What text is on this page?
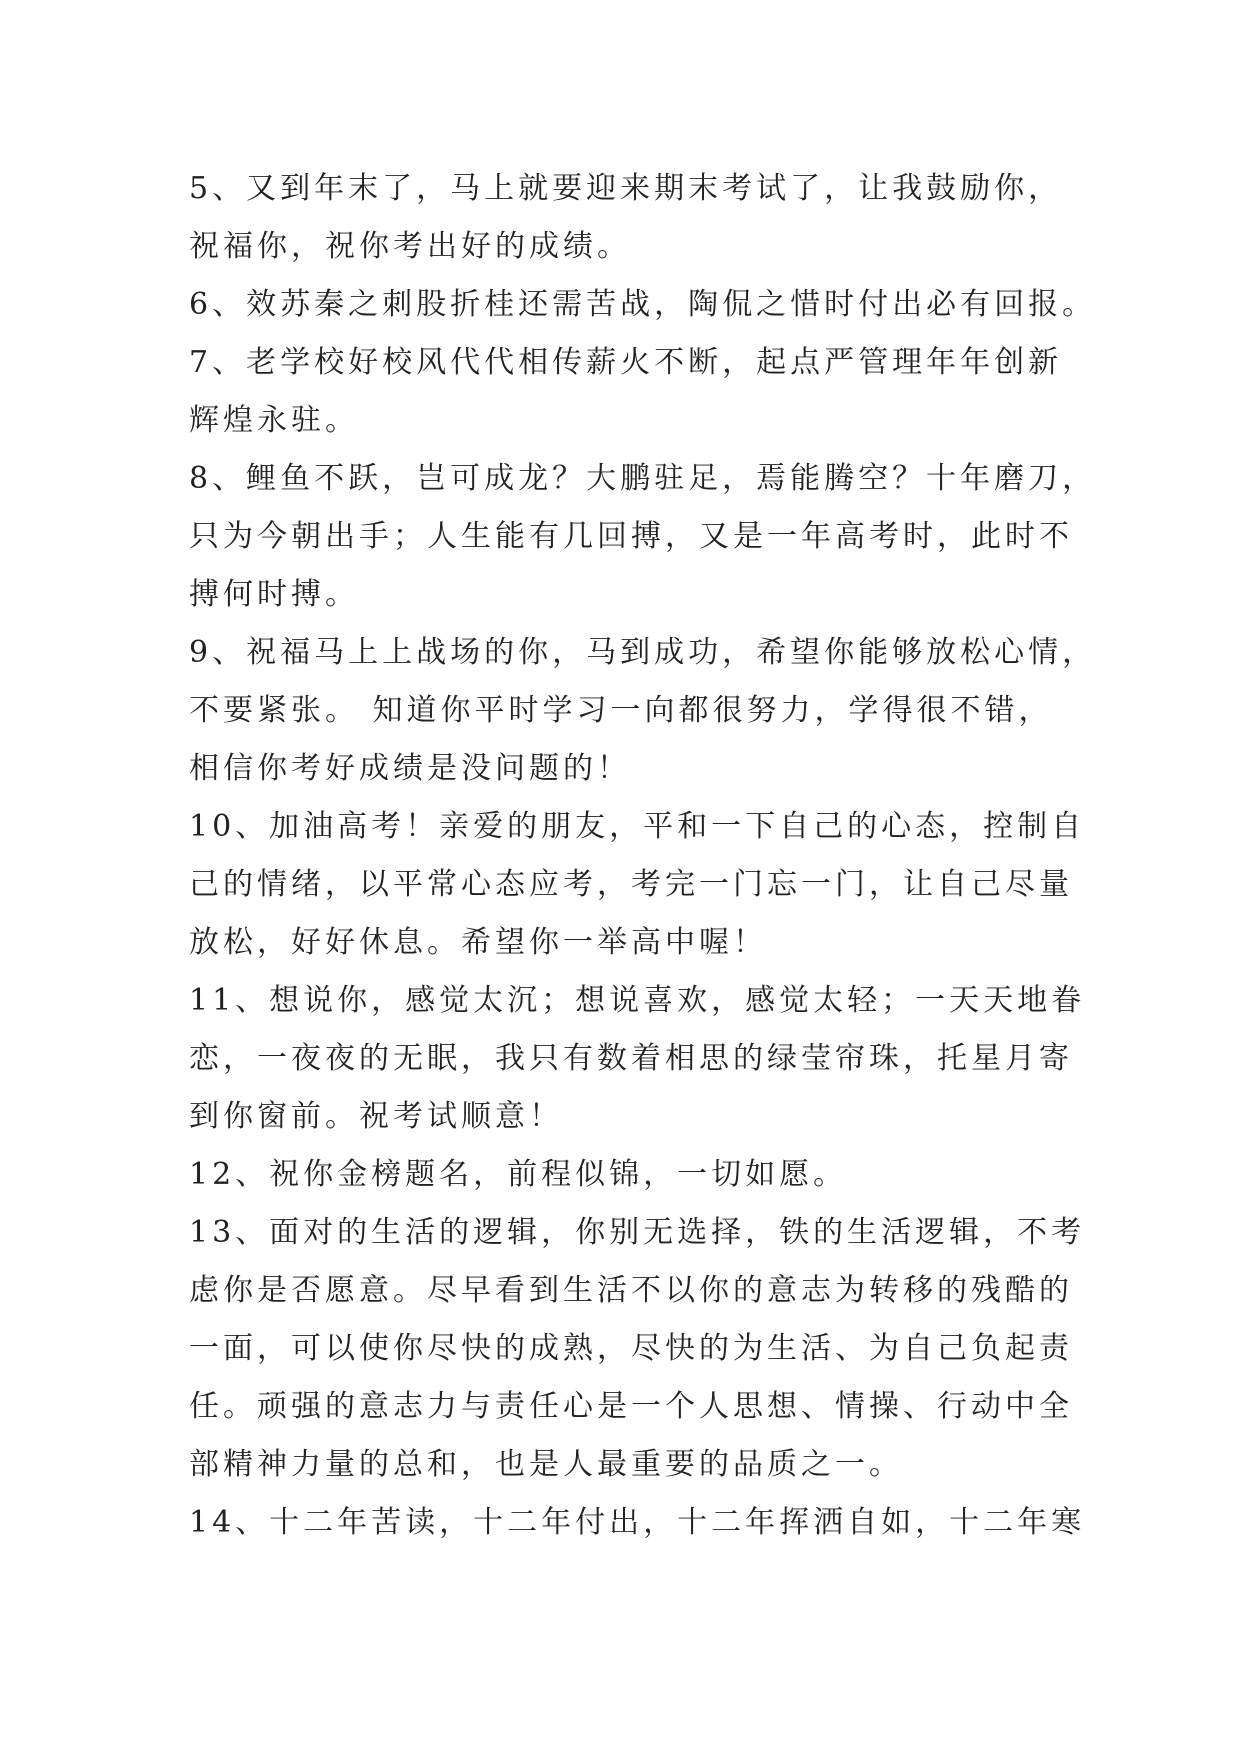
5、又到年末了，马上就要迎来期末考试了，让我鼓励你，
祝福你，祝你考出好的成绩。
6、效苏秦之刺股折桂还需苦战，陶侃之惜时付出必有回报。
7、老学校好校风代代相传薪火不断，起点严管理年年创新
辉煌永驻。
8、鲤鱼不跃，岂可成龙？大鹏驻足，焉能腾空？十年磨刀，
只为今朝出手；人生能有几回搏，又是一年高考时，此时不
搏何时搏。
9、祝福马上上战场的你，马到成功，希望你能够放松心情，
不要紧张。 知道你平时学习一向都很努力，学得很不错，
相信你考好成绩是没问题的！
10、加油高考！亲爱的朋友，平和一下自己的心态，控制自
己的情绪，以平常心态应考，考完一门忘一门，让自己尽量
放松，好好休息。希望你一举高中喔！
11、想说你，感觉太沉；想说喜欢，感觉太轻；一天天地眷
恋，一夜夜的无眠，我只有数着相思的绿莹帘珠，托星月寄
到你窗前。祝考试顺意！
12、祝你金榜题名，前程似锦，一切如愿。
13、面对的生活的逻辑，你别无选择，铁的生活逻辑，不考
虑你是否愿意。尽早看到生活不以你的意志为转移的残酷的
一面，可以使你尽快的成熟，尽快的为生活、为自己负起责
任。顽强的意志力与责任心是一个人思想、情操、行动中全
部精神力量的总和，也是人最重要的品质之一。
14、十二年苦读，十二年付出，十二年挥洒自如，十二年寒
